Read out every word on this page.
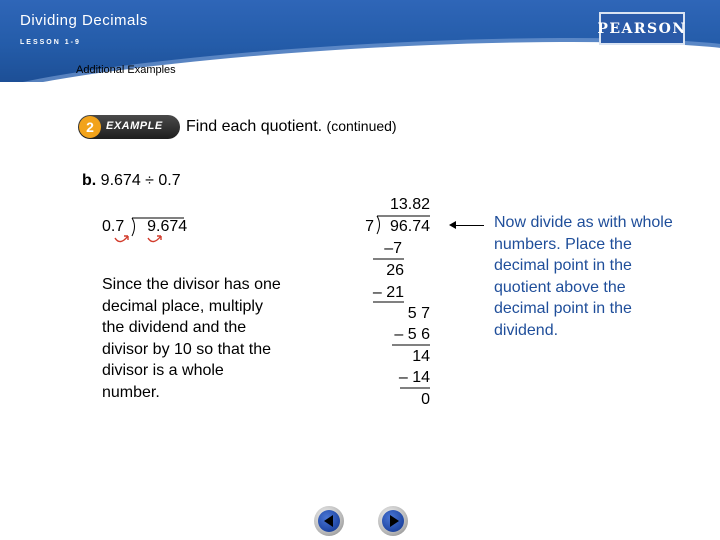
Dividing Decimals
LESSON 1-9
PEARSON
Course 1
Additional Examples
2	EXAMPLE Find each quotient. (continued)
b. 9.674 ÷ 0.7
0.7 9.674
Since the divisor has one decimal place, multiply the dividend and the divisor by 10 so that the divisor is a whole number.
13.82
7 96.74
–7
26
– 21
5 7
– 5 6
14
– 14
0
Now divide as with whole numbers. Place the decimal point in the quotient above the decimal point in the dividend.
